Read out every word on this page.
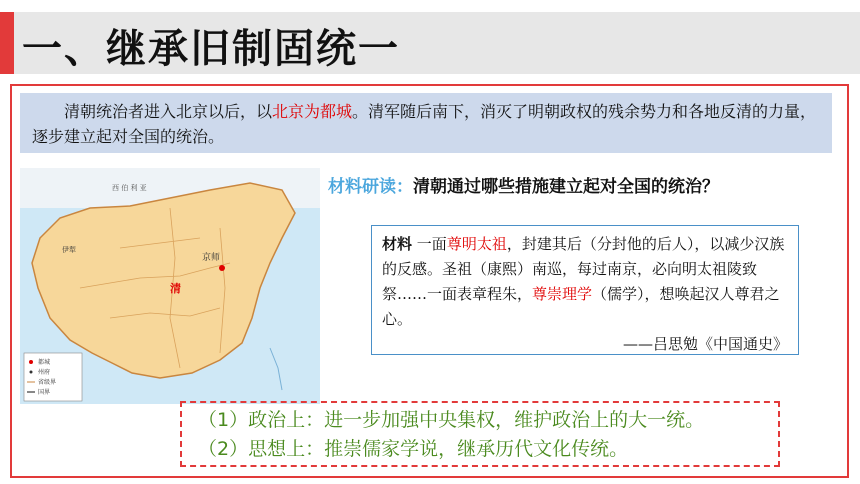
一、继承旧制固统一
清朝统治者进入北京以后，以北京为都城。清军随后南下，消灭了明朝政权的残余势力和各地反清的力量，逐步建立起对全国的统治。
西 伯 利 亚
京师
清
伊犁
都城
州府
省级界
国界
材料研读：清朝通过哪些措施建立起对全国的统治？
材料 一面尊明太祖，封建其后（分封他的后人），以减少汉族的反感。圣祖（康熙）南巡，每过南京，必向明太祖陵致祭……一面表章程朱，尊崇理学（儒学），想唤起汉人尊君之心。
——吕思勉《中国通史》
（1）政治上：进一步加强中央集权，维护政治上的大一统。
（2）思想上：推崇儒家学说，继承历代文化传统。
